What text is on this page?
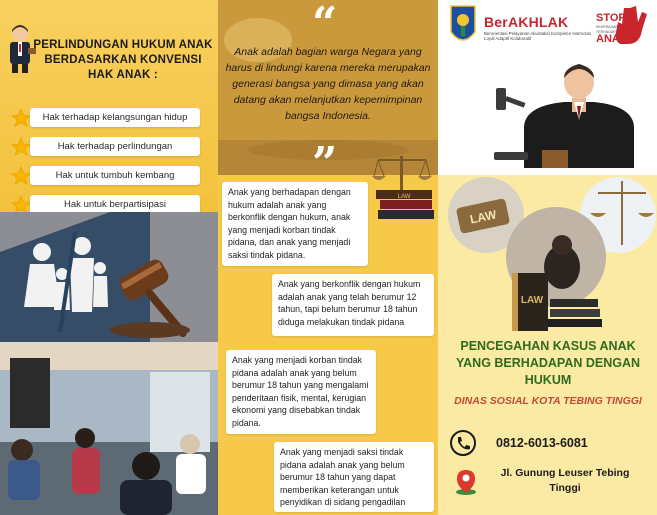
PERLINDUNGAN HUKUM ANAK BERDASARKAN KONVENSI HAK ANAK :
Hak terhadap kelangsungan hidup
Hak terhadap perlindungan
Hak untuk tumbuh kembang
Hak untuk berpartisipasi
“
Anak adalah bagian warga Negara yang harus di lindungi karena mereka merupakan generasi bangsa yang dimasa yang akan datang akan melanjutkan kepemimpinan bangsa Indonesia.
”
LAW
Anak yang berhadapan dengan hukum adalah anak yang berkonflik dengan hukum, anak yang menjadi korban tindak pidana, dan anak yang menjadi saksi tindak pidana.
Anak yang berkonflik dengan hukum adalah anak yang telah berumur 12 tahun, tapi belum berumur 18 tahun diduga melakukan tindak pidana
Anak yang menjadi korban tindak pidana adalah anak yang belum berumur 18 tahun yang mengalami penderitaan fisik, mental, kerugian ekonomi yang disebabkan tindak pidana.
Anak yang menjadi saksi tindak pidana adalah anak yang belum berumur 18 tahun yang dapat memberikan keterangan untuk penyidikan di sidang pengadilan
BerAKHLAK
Berorientasi Pelayanan Akuntabel Kompeten Harmonis Loyal Adaptif Kolaboratif
STOP
KEKERASAN TERHADAP
ANAK
LAW
LAW
PENCEGAHAN KASUS ANAK YANG BERHADAPAN DENGAN HUKUM
DINAS SOSIAL KOTA TEBING TINGGI
0812-6013-6081
Jl. Gunung Leuser Tebing Tinggi
